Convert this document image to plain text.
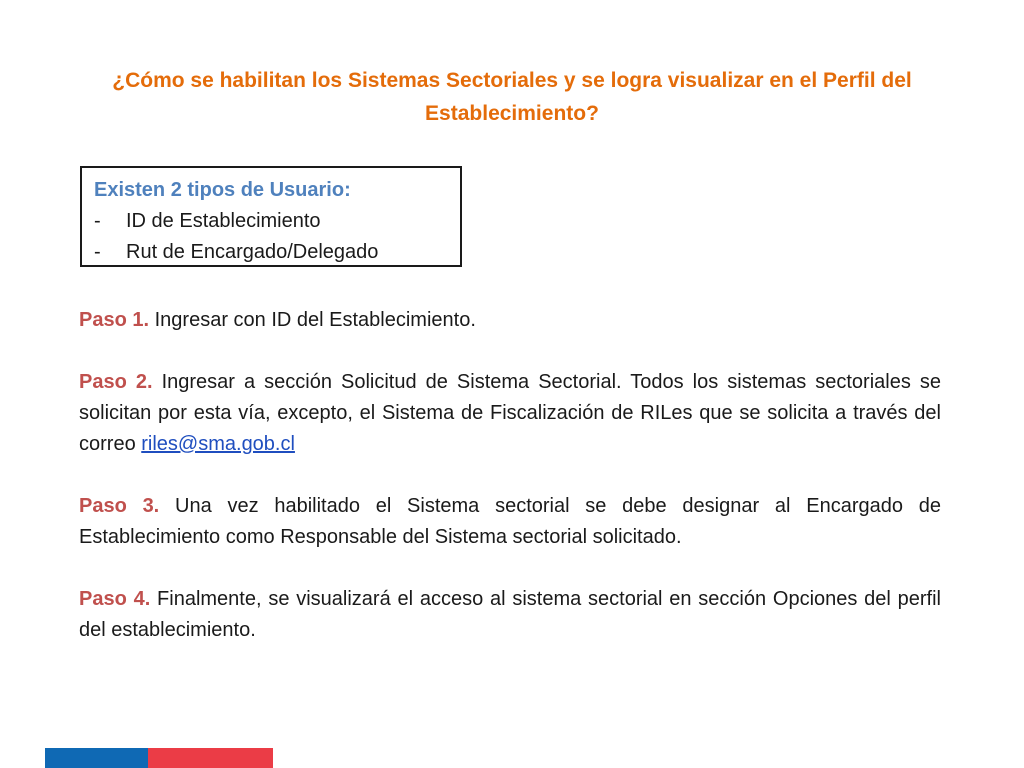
¿Cómo se habilitan los Sistemas Sectoriales y se logra visualizar en el Perfil del Establecimiento?
Existen 2 tipos de Usuario:
-	ID de Establecimiento
-	Rut de Encargado/Delegado

Paso 1. Ingresar con ID del Establecimiento.

Paso 2. Ingresar a sección Solicitud de Sistema Sectorial. Todos los sistemas sectoriales se solicitan por esta vía, excepto, el Sistema de Fiscalización de RILes que se solicita a través del correo riles@sma.gob.cl

Paso 3. Una vez habilitado el Sistema sectorial se debe designar al Encargado de Establecimiento como Responsable del Sistema sectorial solicitado.

Paso 4. Finalmente, se visualizará el acceso al sistema sectorial en sección Opciones del perfil del establecimiento.
